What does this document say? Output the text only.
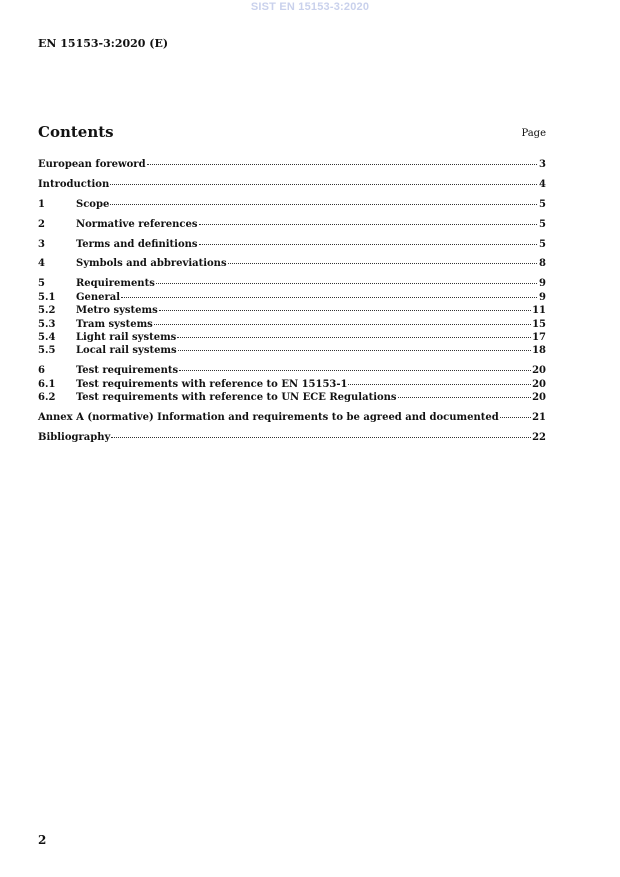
SIST EN 15153-3:2020
EN 15153-3:2020 (E)
Contents	Page
European foreword	3
Introduction	4
1	Scope	5
2	Normative references	5
3	Terms and definitions	5
4	Symbols and abbreviations	8
5	Requirements	9
5.1	General	9
5.2	Metro systems	11
5.3	Tram systems	15
5.4	Light rail systems	17
5.5	Local rail systems	18
6	Test requirements	20
6.1	Test requirements with reference to EN 15153-1	20
6.2	Test requirements with reference to UN ECE Regulations	20
Annex A (normative) Information and requirements to be agreed and documented	21
Bibliography	22
2
